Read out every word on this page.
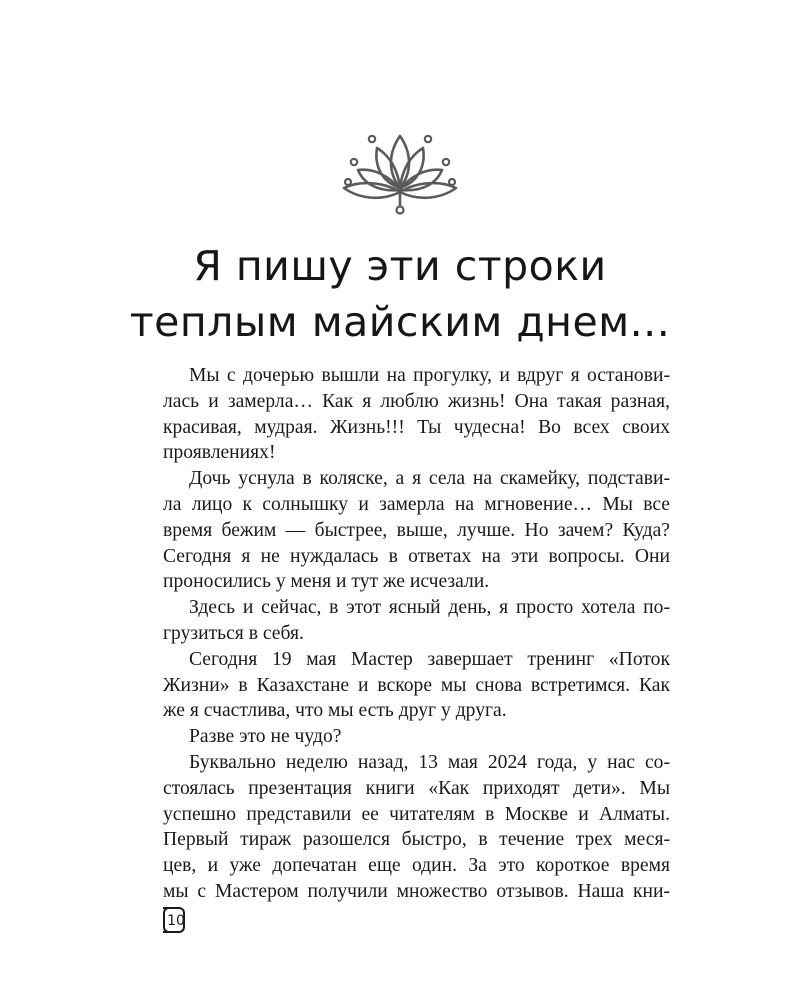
Я пишу эти строки
теплым майским днем...

Мы с дочерью вышли на прогулку, и вдруг я останови-
лась и замерла… Как я люблю жизнь! Она такая разная,
красивая, мудрая. Жизнь!!! Ты чудесна! Во всех своих
проявлениях!

Дочь уснула в коляске, а я села на скамейку, подстави-
ла лицо к солнышку и замерла на мгновение… Мы все
время бежим — быстрее, выше, лучше. Но зачем? Куда?
Сегодня я не нуждалась в ответах на эти вопросы. Они
проносились у меня и тут же исчезали.

Здесь и сейчас, в этот ясный день, я просто хотела по-
грузиться в себя.

Сегодня 19 мая Мастер завершает тренинг «Поток
Жизни» в Казахстане и вскоре мы снова встретимся. Как
же я счастлива, что мы есть друг у друга.

Разве это не чудо?

Буквально неделю назад, 13 мая 2024 года, у нас со-
стоялась презентация книги «Как приходят дети». Мы
успешно представили ее читателям в Москве и Алматы.
Первый тираж разошелся быстро, в течение трех меся-
цев, и уже допечатан еще один. За это короткое время
мы с Мастером получили множество отзывов. Наша кни-

10
